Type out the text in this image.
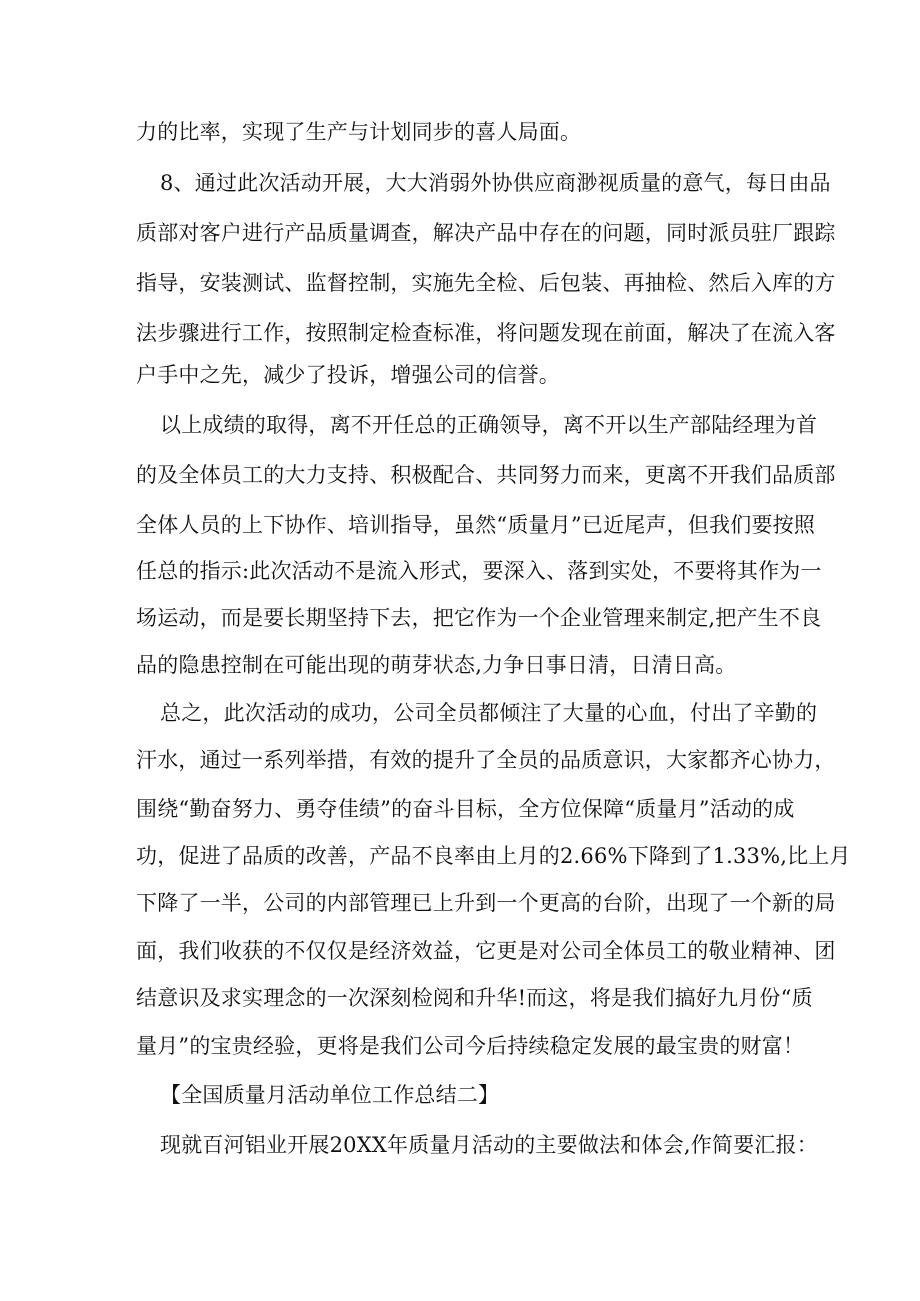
力的比率，实现了生产与计划同步的喜人局面。
8、通过此次活动开展，大大消弱外协供应商渺视质量的意气，每日由品
质部对客户进行产品质量调查，解决产品中存在的问题，同时派员驻厂跟踪
指导，安装测试、监督控制，实施先全检、后包装、再抽检、然后入库的方
法步骤进行工作，按照制定检查标准，将问题发现在前面，解决了在流入客
户手中之先，减少了投诉，增强公司的信誉。
以上成绩的取得，离不开任总的正确领导，离不开以生产部陆经理为首
的及全体员工的大力支持、积极配合、共同努力而来，更离不开我们品质部
全体人员的上下协作、培训指导，虽然“质量月”已近尾声，但我们要按照
任总的指示:此次活动不是流入形式，要深入、落到实处，不要将其作为一
场运动，而是要长期坚持下去，把它作为一个企业管理来制定,把产生不良
品的隐患控制在可能出现的萌芽状态,力争日事日清，日清日高。
总之，此次活动的成功，公司全员都倾注了大量的心血，付出了辛勤的
汗水，通过一系列举措，有效的提升了全员的品质意识，大家都齐心协力，
围绕“勤奋努力、勇夺佳绩”的奋斗目标，全方位保障“质量月”活动的成
功，促进了品质的改善，产品不良率由上月的2.66%下降到了1.33%,比上月
下降了一半，公司的内部管理已上升到一个更高的台阶，出现了一个新的局
面，我们收获的不仅仅是经济效益，它更是对公司全体员工的敬业精神、团
结意识及求实理念的一次深刻检阅和升华!而这，将是我们搞好九月份“质
量月”的宝贵经验，更将是我们公司今后持续稳定发展的最宝贵的财富！
【全国质量月活动单位工作总结二】
现就百河铝业开展20XX年质量月活动的主要做法和体会,作简要汇报：
